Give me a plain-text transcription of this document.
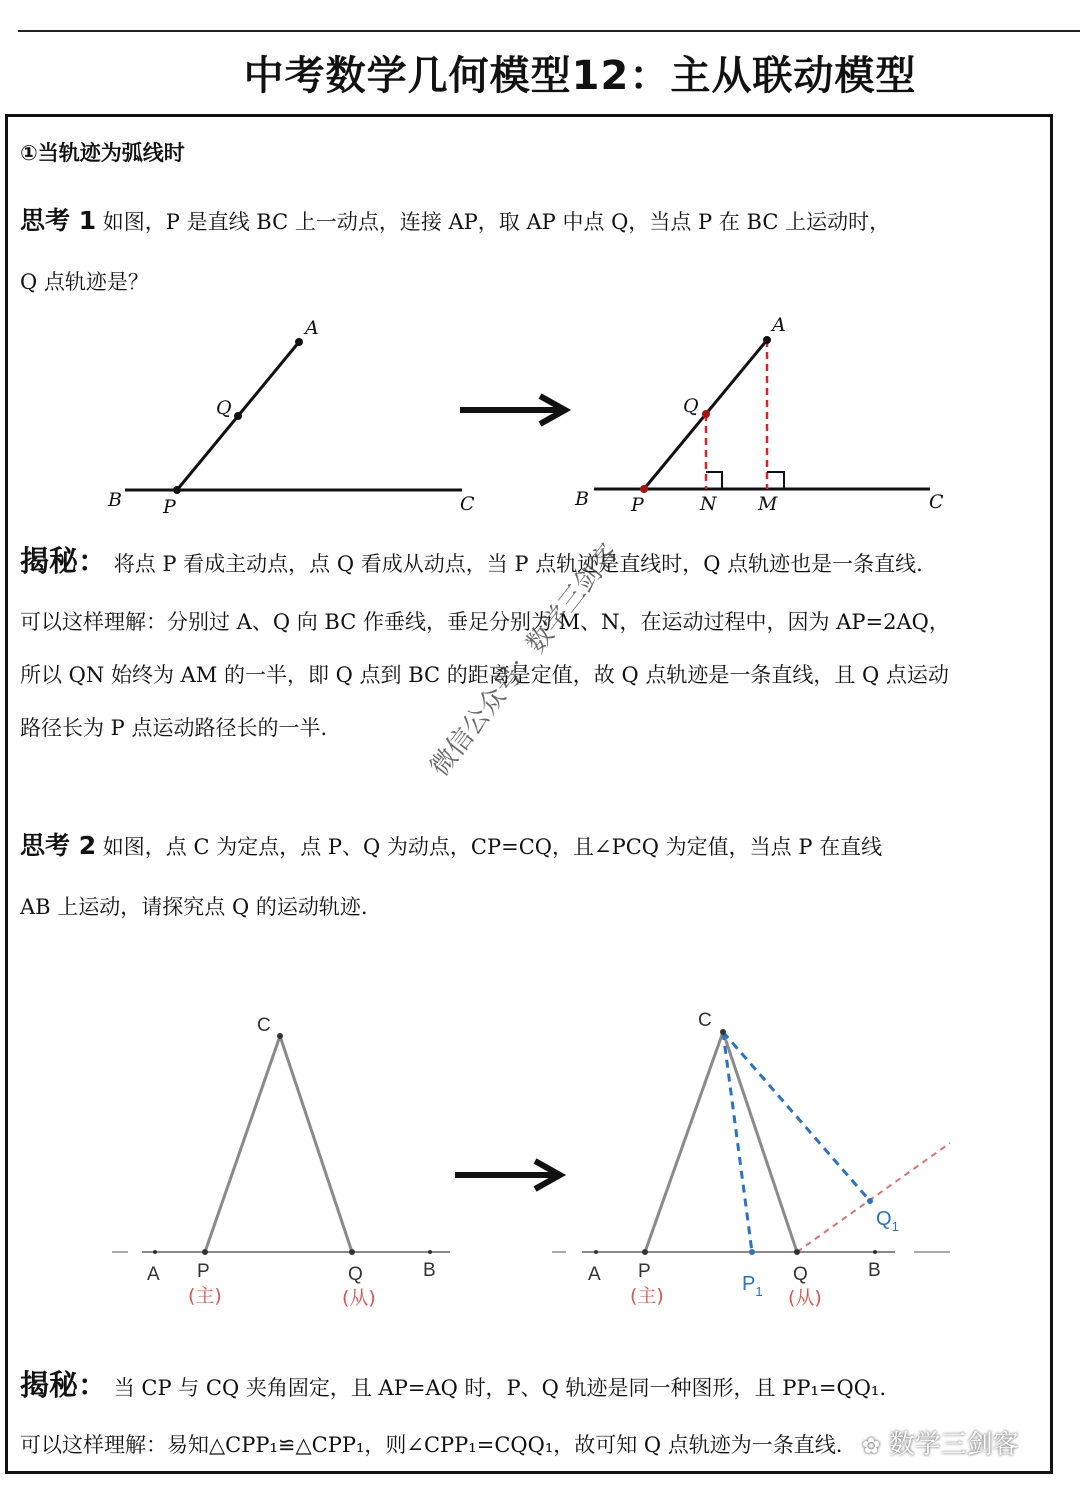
中考数学几何模型12：主从联动模型
①当轨迹为弧线时
思考 1 如图，P 是直线 BC 上一动点，连接 AP，取 AP 中点 Q，当点 P 在 BC 上运动时，
Q 点轨迹是？
A
Q
B P	C
A
Q
B P	N M	C
揭秘： 将点 P 看成主动点，点 Q 看成从动点，当 P 点轨迹是直线时，Q 点轨迹也是一条直线.
可以这样理解：分别过 A、Q 向 BC 作垂线，垂足分别为 M、N，在运动过程中，因为 AP=2AQ，
所以 QN 始终为 AM 的一半，即 Q 点到 BC 的距离是定值，故 Q 点轨迹是一条直线，且 Q 点运动
路径长为 P 点运动路径长的一半.
思考 2 如图，点 C 为定点，点 P、Q 为动点，CP=CQ，且∠PCQ 为定值，当点 P 在直线
AB 上运动，请探究点 Q 的运动轨迹.
C
A P	Q	B
(主)	(从)
C
A P
$P_1$
Q
$Q_1$
B
(主)	(从)
揭秘： 当 CP 与 CQ 夹角固定，且 AP=AQ 时，P、Q 轨迹是同一种图形，且 PP₁=QQ₁.
可以这样理解：易知△CPP₁≌△CPP₁，则∠CPP₁=CQQ₁，故可知 Q 点轨迹为一条直线.
微信公众号：数学三剑客
✿ 数学三剑客
